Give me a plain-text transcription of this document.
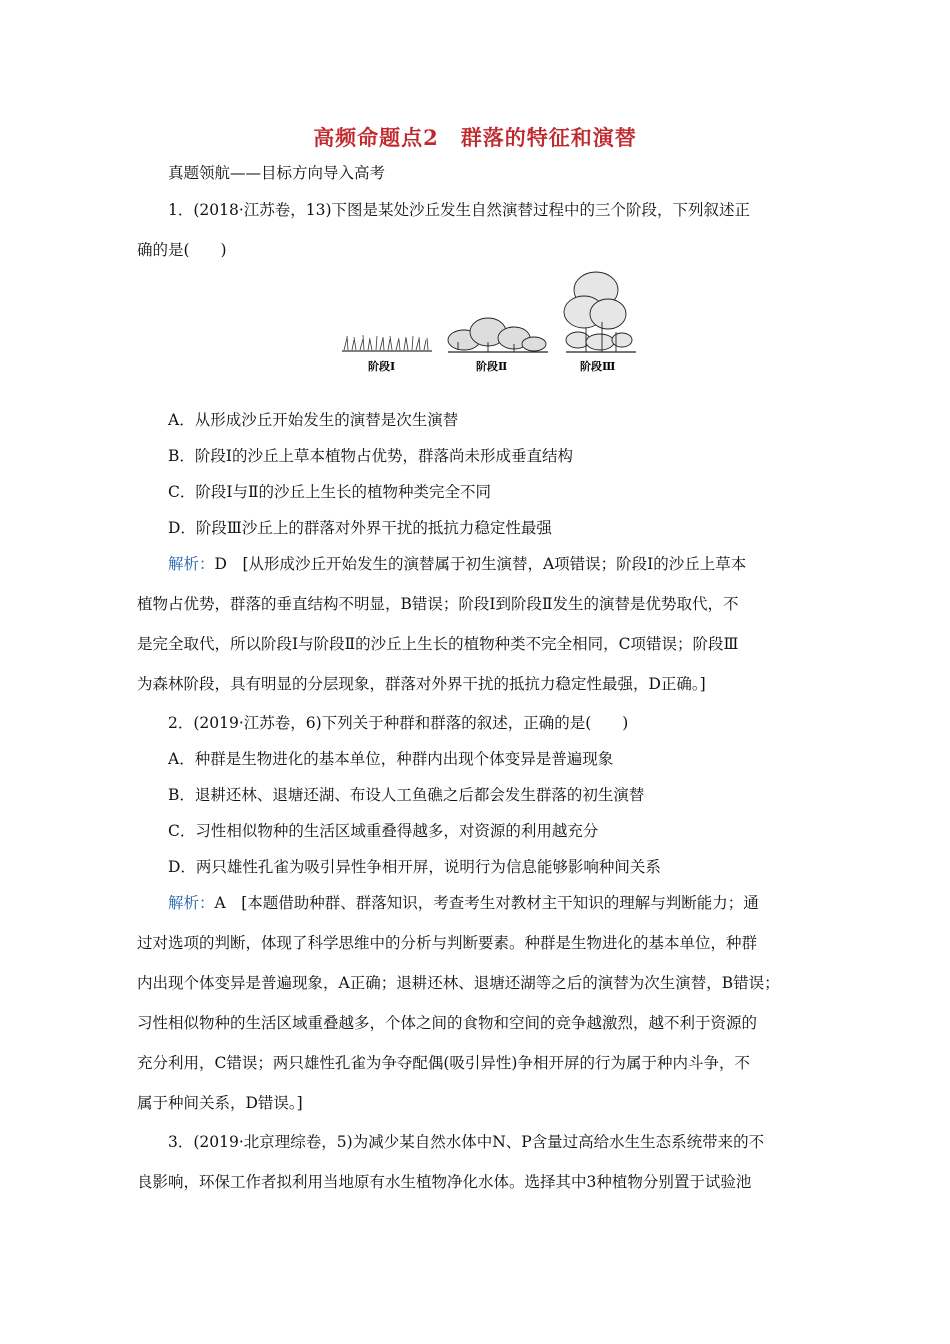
高频命题点2　群落的特征和演替
真题领航——目标方向导入高考
1．(2018·江苏卷，13)下图是某处沙丘发生自然演替过程中的三个阶段，下列叙述正
确的是(　　)
阶段Ⅰ	阶段Ⅱ	阶段Ⅲ
A．从形成沙丘开始发生的演替是次生演替
B．阶段Ⅰ的沙丘上草本植物占优势，群落尚未形成垂直结构
C．阶段Ⅰ与Ⅱ的沙丘上生长的植物种类完全不同
D．阶段Ⅲ沙丘上的群落对外界干扰的抵抗力稳定性最强
解析：D　[从形成沙丘开始发生的演替属于初生演替，A项错误；阶段Ⅰ的沙丘上草本
植物占优势，群落的垂直结构不明显，B错误；阶段Ⅰ到阶段Ⅱ发生的演替是优势取代，不
是完全取代，所以阶段Ⅰ与阶段Ⅱ的沙丘上生长的植物种类不完全相同，C项错误；阶段Ⅲ
为森林阶段，具有明显的分层现象，群落对外界干扰的抵抗力稳定性最强，D正确。]
2．(2019·江苏卷，6)下列关于种群和群落的叙述，正确的是(　　)
A．种群是生物进化的基本单位，种群内出现个体变异是普遍现象
B．退耕还林、退塘还湖、布设人工鱼礁之后都会发生群落的初生演替
C．习性相似物种的生活区域重叠得越多，对资源的利用越充分
D．两只雄性孔雀为吸引异性争相开屏，说明行为信息能够影响种间关系
解析：A　[本题借助种群、群落知识，考查考生对教材主干知识的理解与判断能力；通
过对选项的判断，体现了科学思维中的分析与判断要素。种群是生物进化的基本单位，种群
内出现个体变异是普遍现象，A正确；退耕还林、退塘还湖等之后的演替为次生演替，B错误；
习性相似物种的生活区域重叠越多，个体之间的食物和空间的竞争越激烈，越不利于资源的
充分利用，C错误；两只雄性孔雀为争夺配偶(吸引异性)争相开屏的行为属于种内斗争，不
属于种间关系，D错误。]
3．(2019·北京理综卷，5)为减少某自然水体中N、P含量过高给水生生态系统带来的不
良影响，环保工作者拟利用当地原有水生植物净化水体。选择其中3种植物分别置于试验池
